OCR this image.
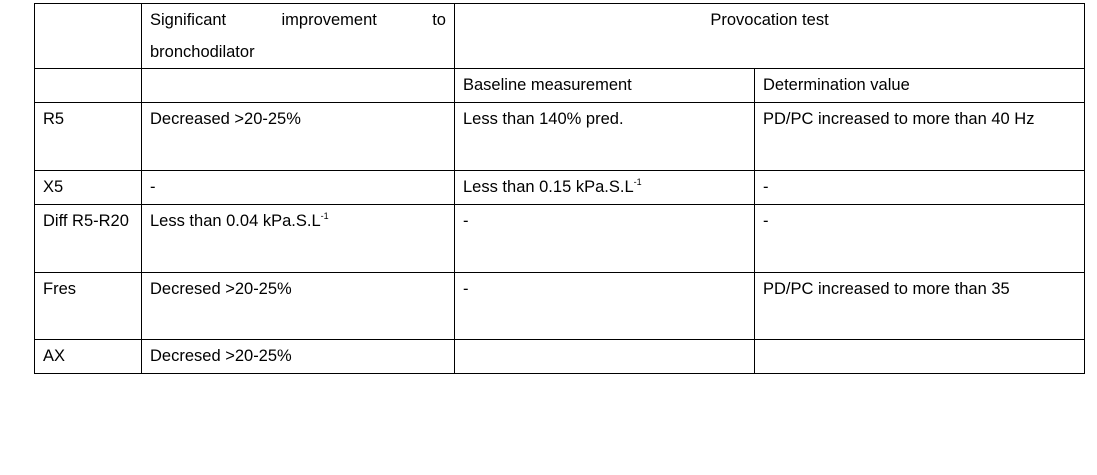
	Significant improvement to bronchodilator	Provocation test	
		Baseline measurement	Determination value
R5	Decreased >20-25%	Less than 140% pred.	PD/PC increased to more than 40 Hz
X5	-	Less than 0.15 $kPa.S.L^{-1}$	-
Diff R5-R20	Less than 0.04 $kPa.S.L^{-1}$	-	-
Fres	Decresed >20-25%	-	PD/PC increased to more than 35
AX	Decresed >20-25%		
